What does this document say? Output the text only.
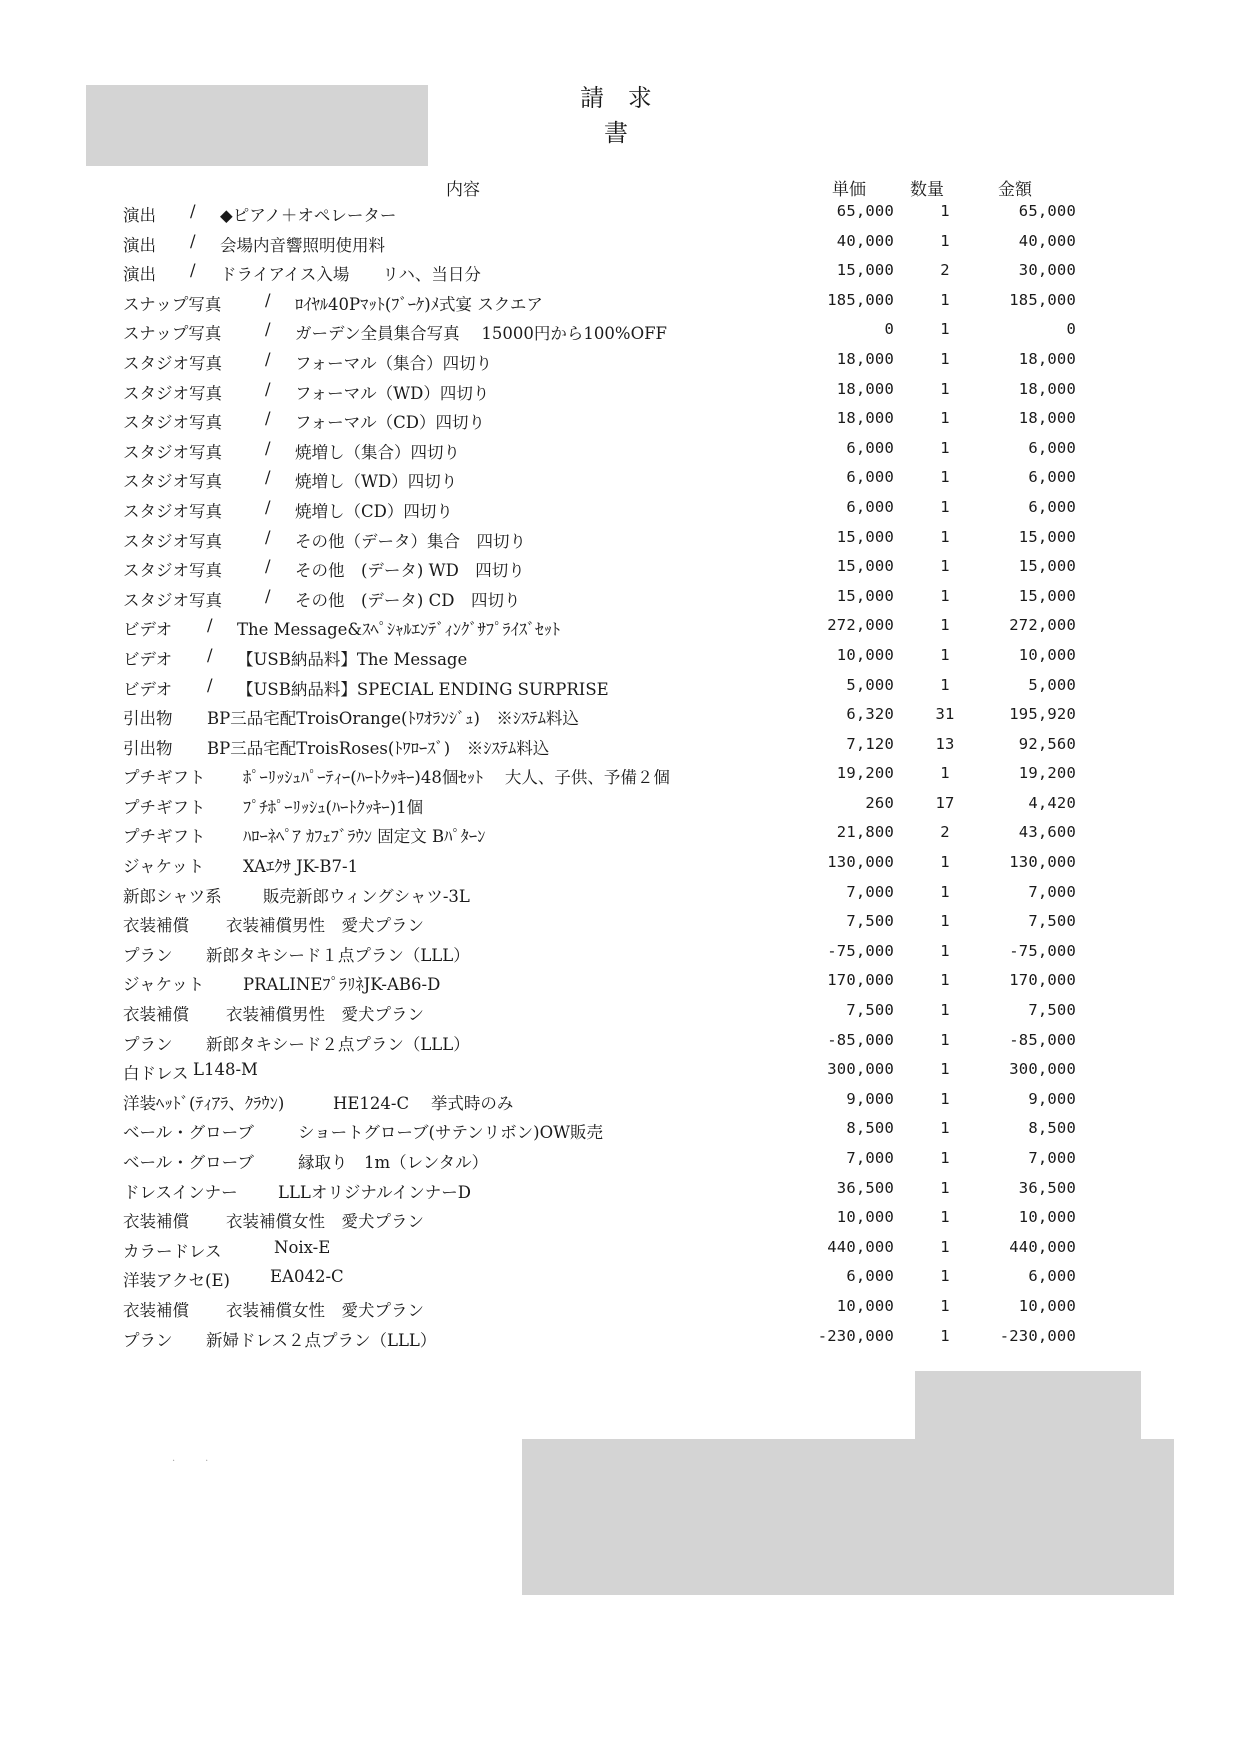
請 求 書
内容	単価	数量	金額
演出 / ◆ピアノ＋オペレーター	65,000	1	65,000
演出 / 会場内音響照明使用料	40,000	1	40,000
演出 / ドライアイス入場　　リハ、当日分	15,000	2	30,000
スナップ写真	/ ﾛｲﾔﾙ40Pﾏｯﾄ(ﾌﾞｰｹ)ﾒ式宴 スクエア	185,000	1	185,000
スナップ写真	/ ガーデン全員集合写真　 15000円から100%OFF	0	1	0
スタジオ写真	/ フォーマル（集合）四切り	18,000	1	18,000
スタジオ写真	/ フォーマル（WD）四切り	18,000	1	18,000
スタジオ写真	/ フォーマル（CD）四切り	18,000	1	18,000
スタジオ写真	/ 焼増し（集合）四切り	6,000	1	6,000
スタジオ写真	/ 焼増し（WD）四切り	6,000	1	6,000
スタジオ写真	/ 焼増し（CD）四切り	6,000	1	6,000
スタジオ写真	/ その他（データ）集合　四切り	15,000	1	15,000
スタジオ写真	/ その他　(データ) WD　四切り	15,000	1	15,000
スタジオ写真	/ その他　(データ) CD　四切り	15,000	1	15,000
ビデオ / The Message&ｽﾍﾟｼｬﾙｴﾝﾃﾞｨﾝｸﾞｻﾌﾟﾗｲｽﾞｾｯﾄ	272,000	1	272,000
ビデオ / 【USB納品料】The Message	10,000	1	10,000
ビデオ / 【USB納品料】SPECIAL ENDING SURPRISE	5,000	1	5,000
引出物 BP三品宅配TroisOrange(ﾄﾜｵﾗﾝｼﾞｭ)　※ｼｽﾃﾑ料込	6,320	31	195,920
引出物 BP三品宅配TroisRoses(ﾄﾜﾛｰｽﾞ)　※ｼｽﾃﾑ料込	7,120	13	92,560
プチギフト ﾎﾟｰﾘｯｼｭﾊﾟｰﾃｨｰ(ﾊｰﾄｸｯｷｰ)48個ｾｯﾄ　 大人、子供、予備２個	19,200	1	19,200
プチギフト ﾌﾟﾁﾎﾟｰﾘｯｼｭ(ﾊｰﾄｸｯｷｰ)1個	260	17	4,420
プチギフト ﾊﾛｰﾈﾍﾟｱ ｶﾌｪﾌﾞﾗｳﾝ 固定文 Bﾊﾟﾀｰﾝ	21,800	2	43,600
ジャケット XAｴｸｻ JK-B7-1	130,000	1	130,000
新郎シャツ系	販売新郎ウィングシャツ-3L	7,000	1	7,000
衣装補償 衣装補償男性　愛犬プラン	7,500	1	7,500
プラン 新郎タキシード１点プラン（LLL）	-75,000	1	-75,000
ジャケット PRALINEﾌﾟﾗﾘﾈJK-AB6-D	170,000	1	170,000
衣装補償 衣装補償男性　愛犬プラン	7,500	1	7,500
プラン 新郎タキシード２点プラン（LLL）	-85,000	1	-85,000
白ドレス L148-M	300,000	1	300,000
洋装ﾍｯﾄﾞ(ﾃｨｱﾗ、ｸﾗｳﾝ)	HE124-C　 挙式時のみ	9,000	1	9,000
ベール・グローブ	ショートグローブ(サテンリボン)OW販売	8,500	1	8,500
ベール・グローブ	縁取り　1m（レンタル）	7,000	1	7,000
ドレスインナー LLLオリジナルインナーD	36,500	1	36,500
衣装補償 衣装補償女性　愛犬プラン	10,000	1	10,000
カラードレス	Noix-E	440,000	1	440,000
洋装アクセ(E) EA042-C	6,000	1	6,000
衣装補償 衣装補償女性　愛犬プラン	10,000	1	10,000
プラン 新婦ドレス２点プラン（LLL）	-230,000	1	-230,000
·　　　·
